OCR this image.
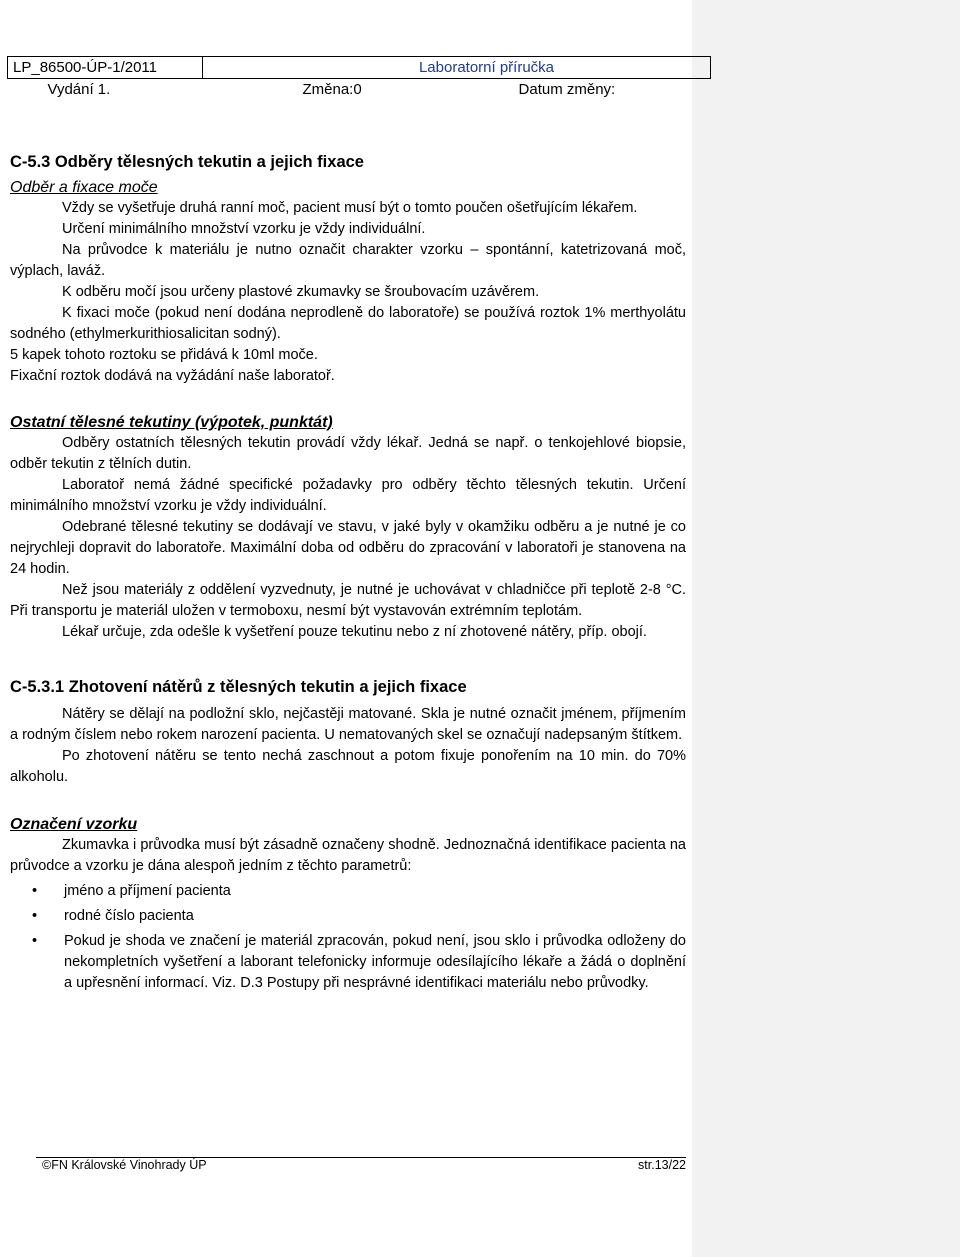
LP_86500-ÚP-1/2011	Laboratorní příručka	
Vydání 1.	Změna:0	Datum změny:

C-5.3 Odběry tělesných tekutin a jejich fixace

Odběr a fixace moče

Vždy se vyšetřuje druhá ranní moč, pacient musí být o tomto poučen ošetřujícím lékařem.

Určení minimálního množství vzorku je vždy individuální.

Na průvodce k materiálu je nutno označit charakter vzorku – spontánní, katetrizovaná moč, výplach, laváž.

K odběru močí jsou určeny plastové zkumavky se šroubovacím uzávěrem.

K fixaci moče (pokud není dodána neprodleně do laboratoře) se používá roztok 1% merthyolátu sodného (ethylmerkurithiosalicitan sodný).

5 kapek tohoto roztoku se přidává k 10ml moče.

Fixační roztok dodává na vyžádání naše laboratoř.

Ostatní tělesné tekutiny (výpotek, punktát)

Odběry ostatních tělesných tekutin provádí vždy lékař. Jedná se např. o tenkojehlové biopsie, odběr tekutin z tělních dutin.

Laboratoř nemá žádné specifické požadavky pro odběry těchto tělesných tekutin. Určení minimálního množství vzorku je vždy individuální.

Odebrané tělesné tekutiny se dodávají ve stavu, v jaké byly v okamžiku odběru a je nutné je co nejrychleji dopravit do laboratoře. Maximální doba od odběru do zpracování v laboratoři je stanovena na 24 hodin.

Než jsou materiály z oddělení vyzvednuty, je nutné je uchovávat v chladničce při teplotě 2-8 °C. Při transportu je materiál uložen v termoboxu, nesmí být vystavován extrémním teplotám.

Lékař určuje, zda odešle k vyšetření pouze tekutinu nebo z ní zhotovené nátěry, příp. obojí.

C-5.3.1 Zhotovení nátěrů z tělesných tekutin a jejich fixace

Nátěry se dělají na podložní sklo, nejčastěji matované. Skla je nutné označit jménem, příjmením a rodným číslem nebo rokem narození pacienta. U nematovaných skel se označují nadepsaným štítkem.

Po zhotovení nátěru se tento nechá zaschnout a potom fixuje ponořením na 10 min. do 70% alkoholu.

Označení vzorku

Zkumavka i průvodka musí být zásadně označeny shodně. Jednoznačná identifikace pacienta na průvodce a vzorku je dána alespoň jedním z těchto parametrů:

• jméno a příjmení pacienta
• rodné číslo pacienta
• Pokud je shoda ve značení je materiál zpracován, pokud není, jsou sklo i průvodka odloženy do nekompletních vyšetření a laborant telefonicky informuje odesílajícího lékaře a žádá o doplnění a upřesnění informací. Viz. D.3 Postupy při nesprávné identifikaci materiálu nebo průvodky.
©FN Královské Vinohrady ÚP	str.13/22
